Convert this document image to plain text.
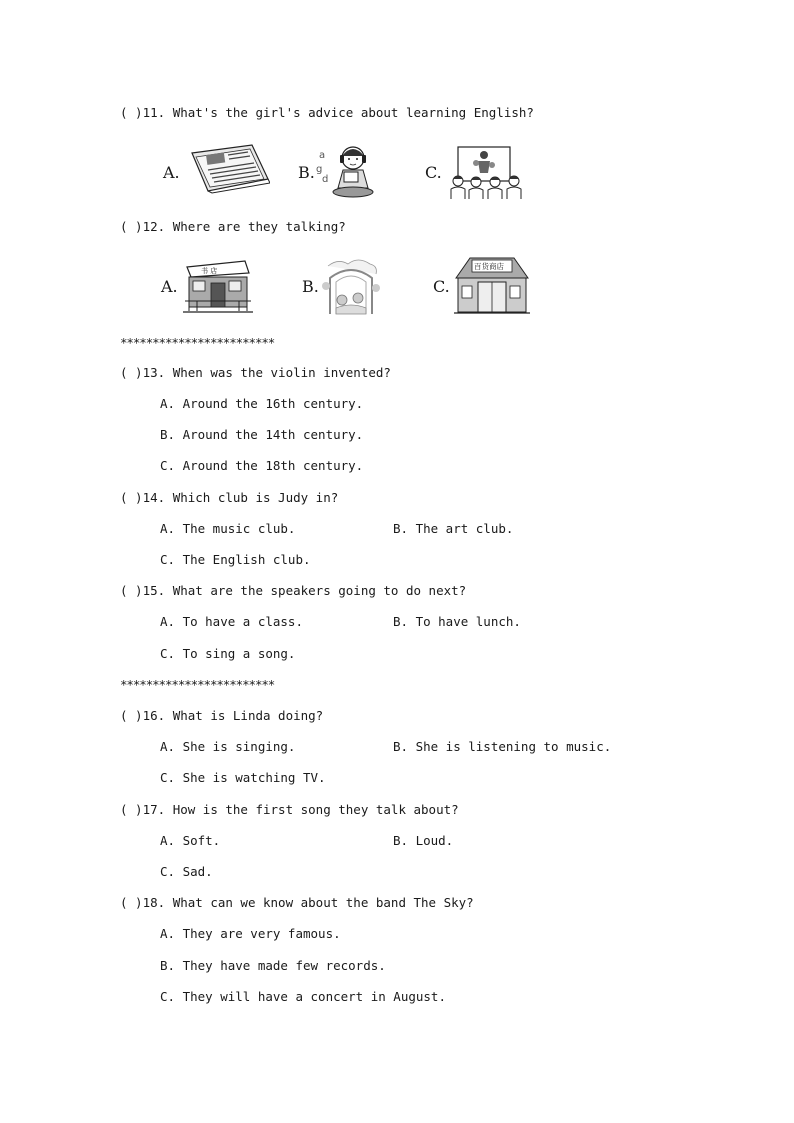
( )11. What's the girl's advice about learning English?
A.	B.
a
g
d	C.
( )12. Where are they talking?
A.
书 店
B.	C.
百货商店
************************
( )13. When was the violin invented?
A. Around the 16th century.
B. Around the 14th century.
C. Around the 18th century.
( )14. Which club is Judy in?
A. The music club.	B. The art club.
C. The English club.
( )15. What are the speakers going to do next?
A. To have a class.	B. To have lunch.
C. To sing a song.
************************
( )16. What is Linda doing?
A. She is singing.	B. She is listening to music.
C. She is watching TV.
( )17. How is the first song they talk about?
A. Soft.	B. Loud.
C. Sad.
( )18. What can we know about the band The Sky?
A. They are very famous.
B. They have made few records.
C. They will have a concert in August.
